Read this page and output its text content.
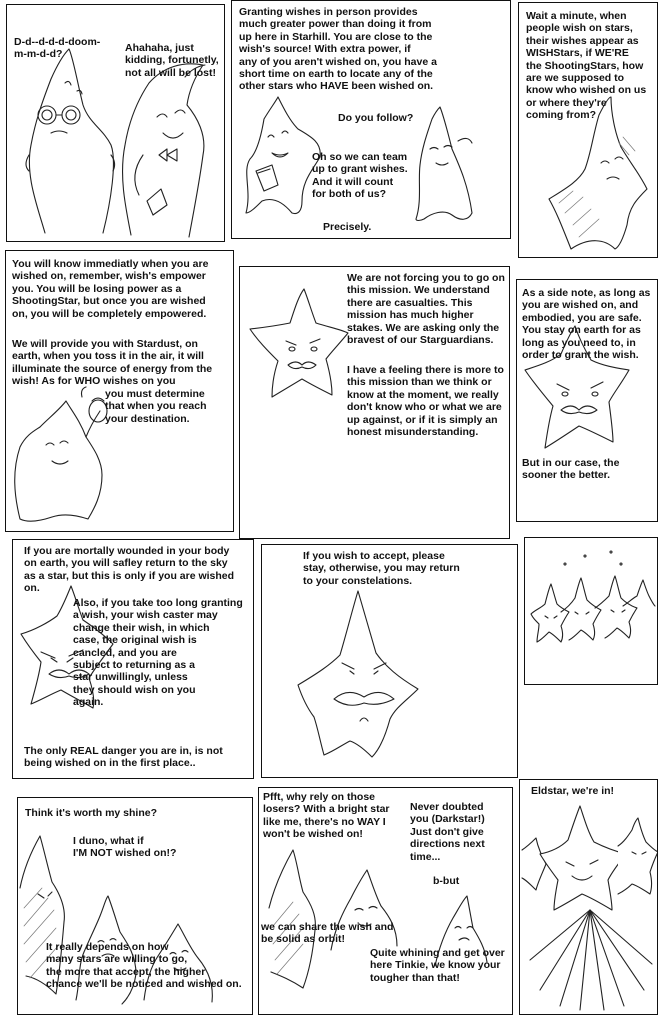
D-d--d-d-d-doom-
m-m-d-d?

Ahahaha, just
kidding, fortunetly,
not all will be lost!

Granting wishes in person provides
much greater power than doing it from
up here in Starhill. You are close to the
wish's source! With extra power, if
any of you aren't wished on, you have a
short time on earth to locate any of the
other stars who HAVE been wished on.

Do you follow?

Oh so we can team
up to grant wishes.
And it will count
for both of us?

Precisely.

Wait a minute, when
people wish on stars,
their wishes appear as
WISHStars, if WE'RE
the ShootingStars, how
are we supposed to
know who wished on us
or where they're
coming from?

You will know immediatly when you are
wished on, remember, wish's empower
you. You will be losing power as a
ShootingStar, but once you are wished
on, you will be completely empowered.

We will provide you with Stardust, on
earth, when you toss it in the air, it will
illuminate the source of energy from the
wish! As for WHO wishes on you

you must determine
that when you reach
your destination.

We are not forcing you to go on
this mission. We understand
there are casualties. This
mission has much higher
stakes. We are asking only the
bravest of our Starguardians.

I have a feeling there is more to
this mission than we think or
know at the moment, we really
don't know who or what we are
up against, or if it is simply an
honest misunderstanding.

As a side note, as long as
you are wished on, and
embodied, you are safe.
You stay on earth for as
long as you need to, in
order to grant the wish.

But in our case, the
sooner the better.

If you are mortally wounded in your body
on earth, you will safley return to the sky
as a star, but this is only if you are wished
on.

Also, if you take too long granting
a wish, your wish caster may
change their wish, in which
case, the original wish is
cancled, and you are
subject to returning as a
star unwillingly, unless
they should wish on you
again.

The only REAL danger you are in, is not
being wished on in the first place..

If you wish to accept, please
stay, otherwise, you may return
to your constelations.

Think it's worth my shine?

I duno, what if
I'M NOT wished on!?

It really depends on how
many stars are willing to go,
the more that accept, the higher
chance we'll be noticed and wished on.

Pfft, why rely on those
losers? With a bright star
like me, there's no WAY I
won't be wished on!

Never doubted
you (Darkstar!)
Just don't give
directions next
time...

b-but

we can share the wish and
be solid as orbit!

Quite whining and get over
here Tinkie, we know your
tougher than that!

Eldstar, we're in!
